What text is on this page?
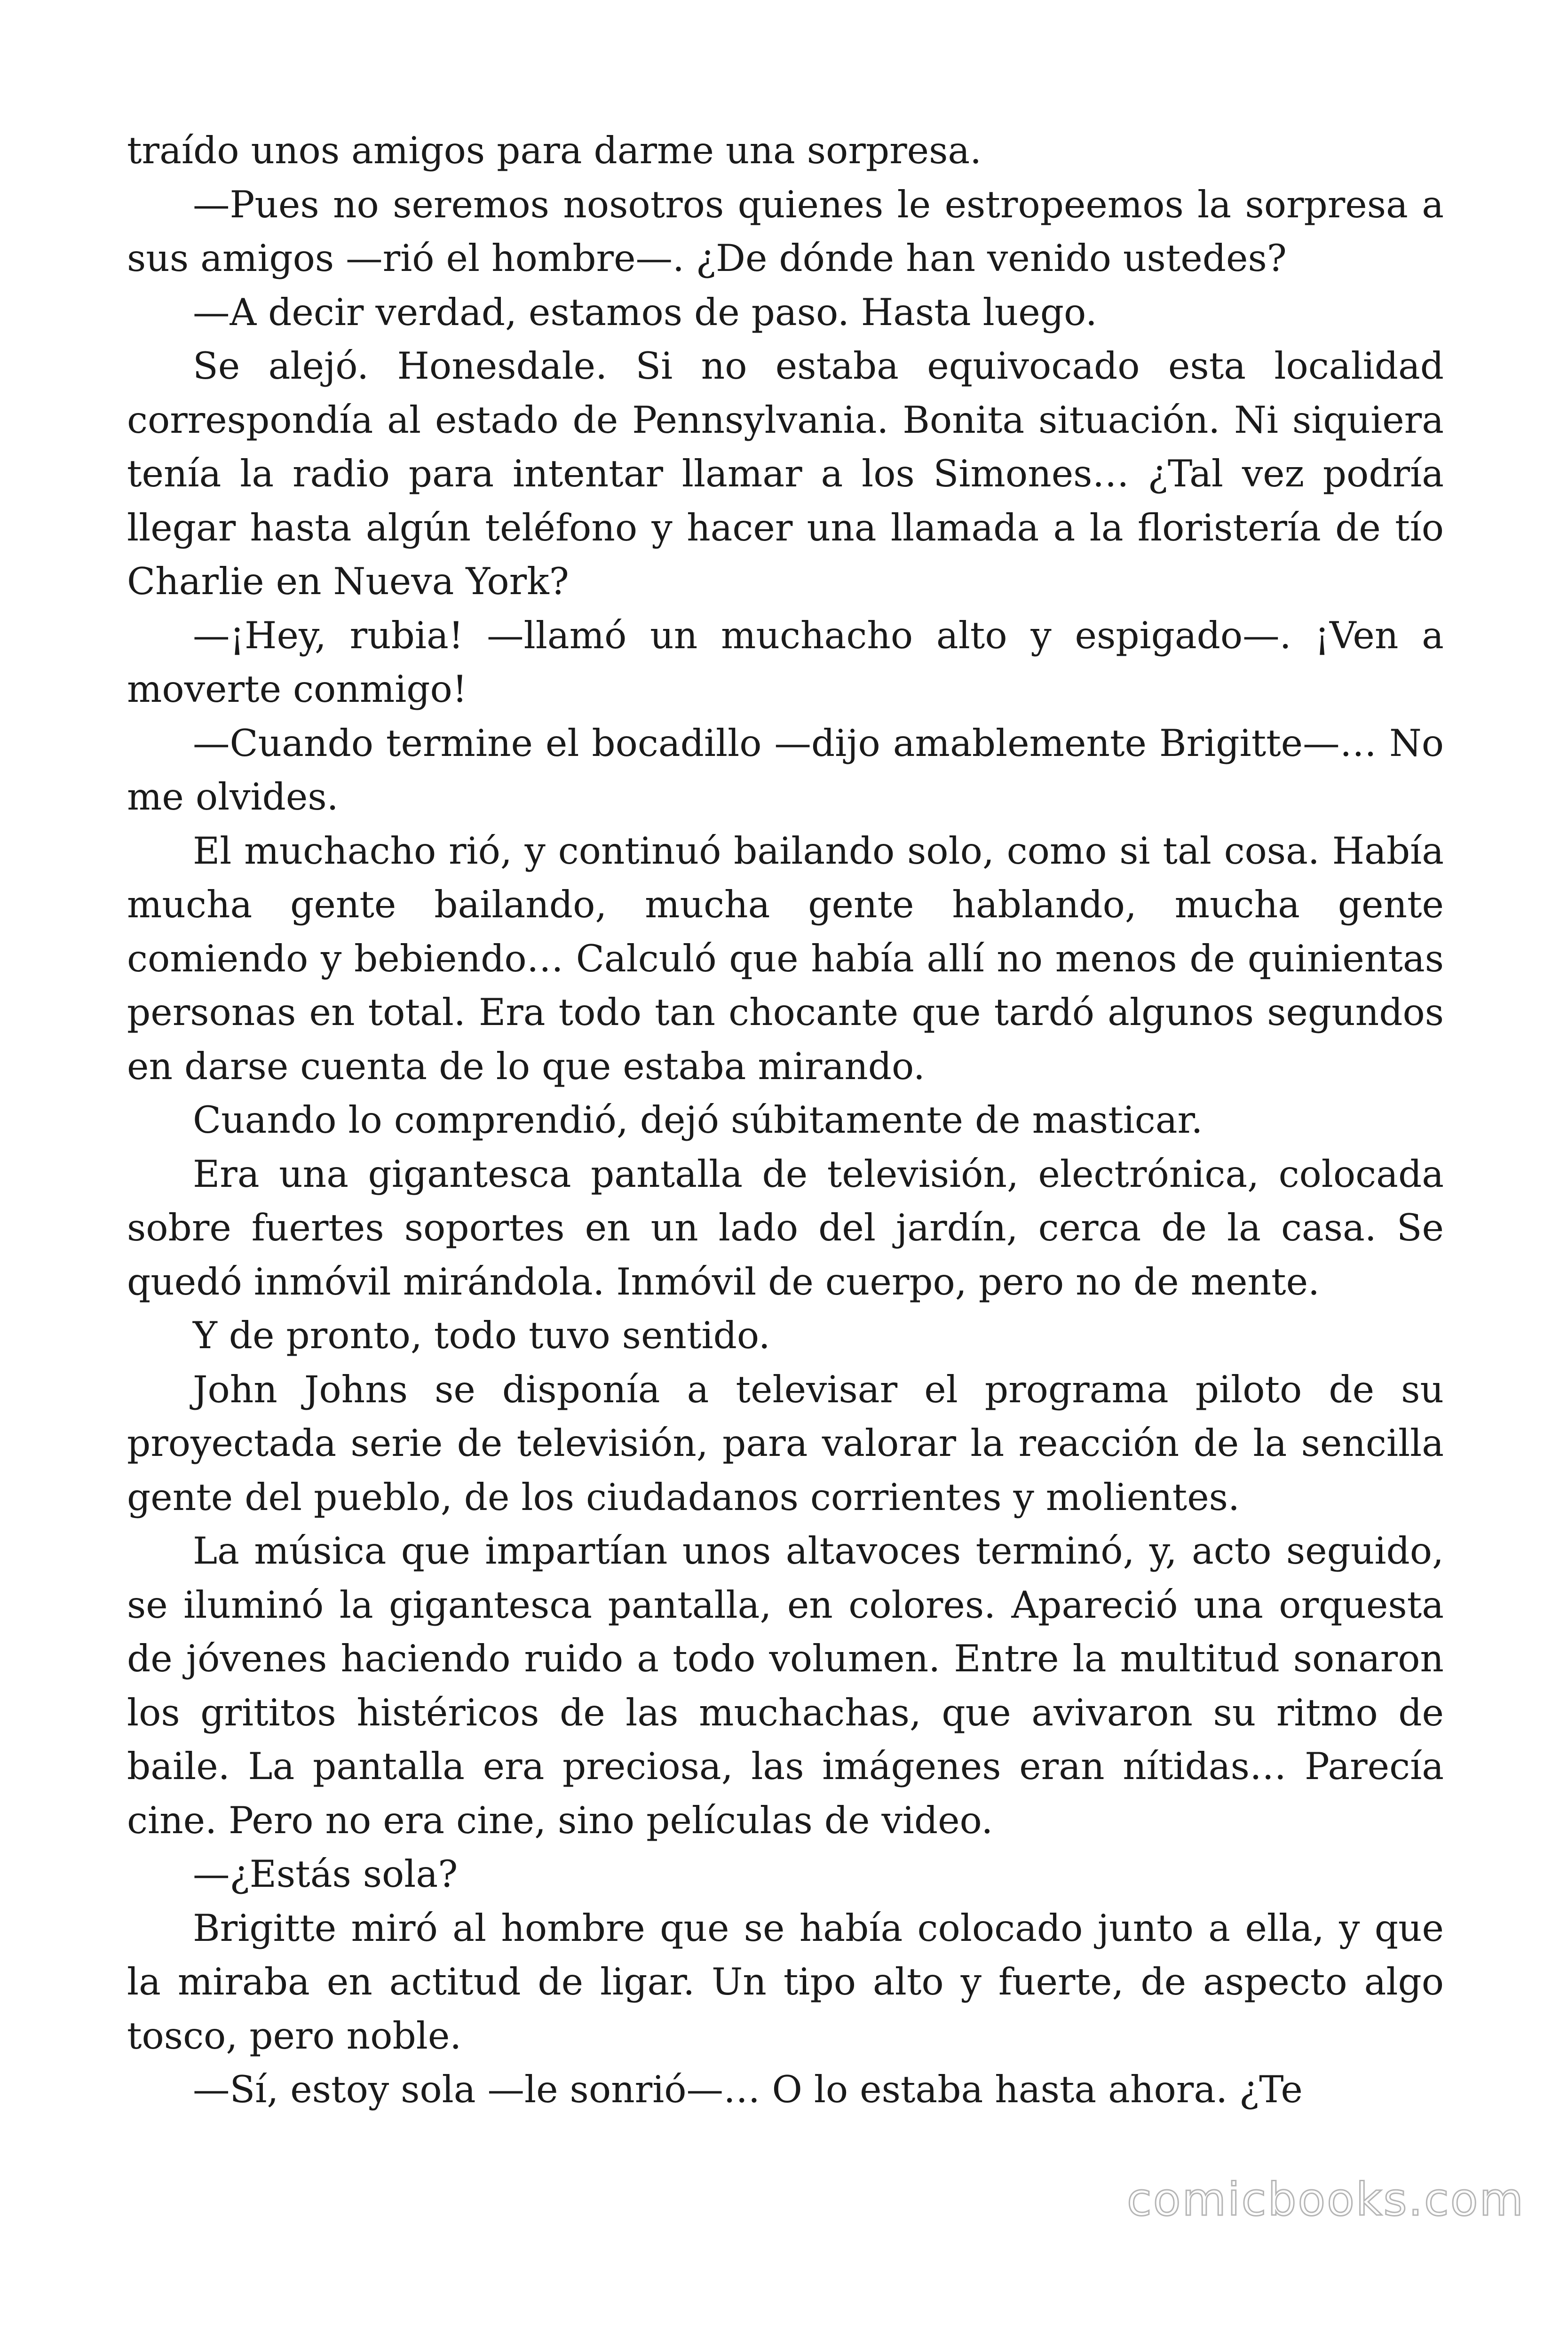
traído unos amigos para darme una sorpresa.

—Pues no seremos nosotros quienes le estropeemos la sorpresa a sus amigos —rió el hombre—. ¿De dónde han venido ustedes?

—A decir verdad, estamos de paso. Hasta luego.

Se alejó. Honesdale. Si no estaba equivocado esta localidad correspondía al estado de Pennsylvania. Bonita situación. Ni siquiera tenía la radio para intentar llamar a los Simones… ¿Tal vez podría llegar hasta algún teléfono y hacer una llamada a la floristería de tío Charlie en Nueva York?

—¡Hey, rubia! —llamó un muchacho alto y espigado—. ¡Ven a moverte conmigo!

—Cuando termine el bocadillo —dijo amablemente Brigitte—… No me olvides.

El muchacho rió, y continuó bailando solo, como si tal cosa. Había mucha gente bailando, mucha gente hablando, mucha gente comiendo y bebiendo… Calculó que había allí no menos de quinientas personas en total. Era todo tan chocante que tardó algunos segundos en darse cuenta de lo que estaba mirando.

Cuando lo comprendió, dejó súbitamente de masticar.

Era una gigantesca pantalla de televisión, electrónica, colocada sobre fuertes soportes en un lado del jardín, cerca de la casa. Se quedó inmóvil mirándola. Inmóvil de cuerpo, pero no de mente.

Y de pronto, todo tuvo sentido.

John Johns se disponía a televisar el programa piloto de su proyectada serie de televisión, para valorar la reacción de la sencilla gente del pueblo, de los ciudadanos corrientes y molientes.

La música que impartían unos altavoces terminó, y, acto seguido, se iluminó la gigantesca pantalla, en colores. Apareció una orquesta de jóvenes haciendo ruido a todo volumen. Entre la multitud sonaron los grititos histéricos de las muchachas, que avivaron su ritmo de baile. La pantalla era preciosa, las imágenes eran nítidas… Parecía cine. Pero no era cine, sino películas de video.

—¿Estás sola?

Brigitte miró al hombre que se había colocado junto a ella, y que la miraba en actitud de ligar. Un tipo alto y fuerte, de aspecto algo tosco, pero noble.

—Sí, estoy sola —le sonrió—… O lo estaba hasta ahora. ¿Te

comicbooks.com
